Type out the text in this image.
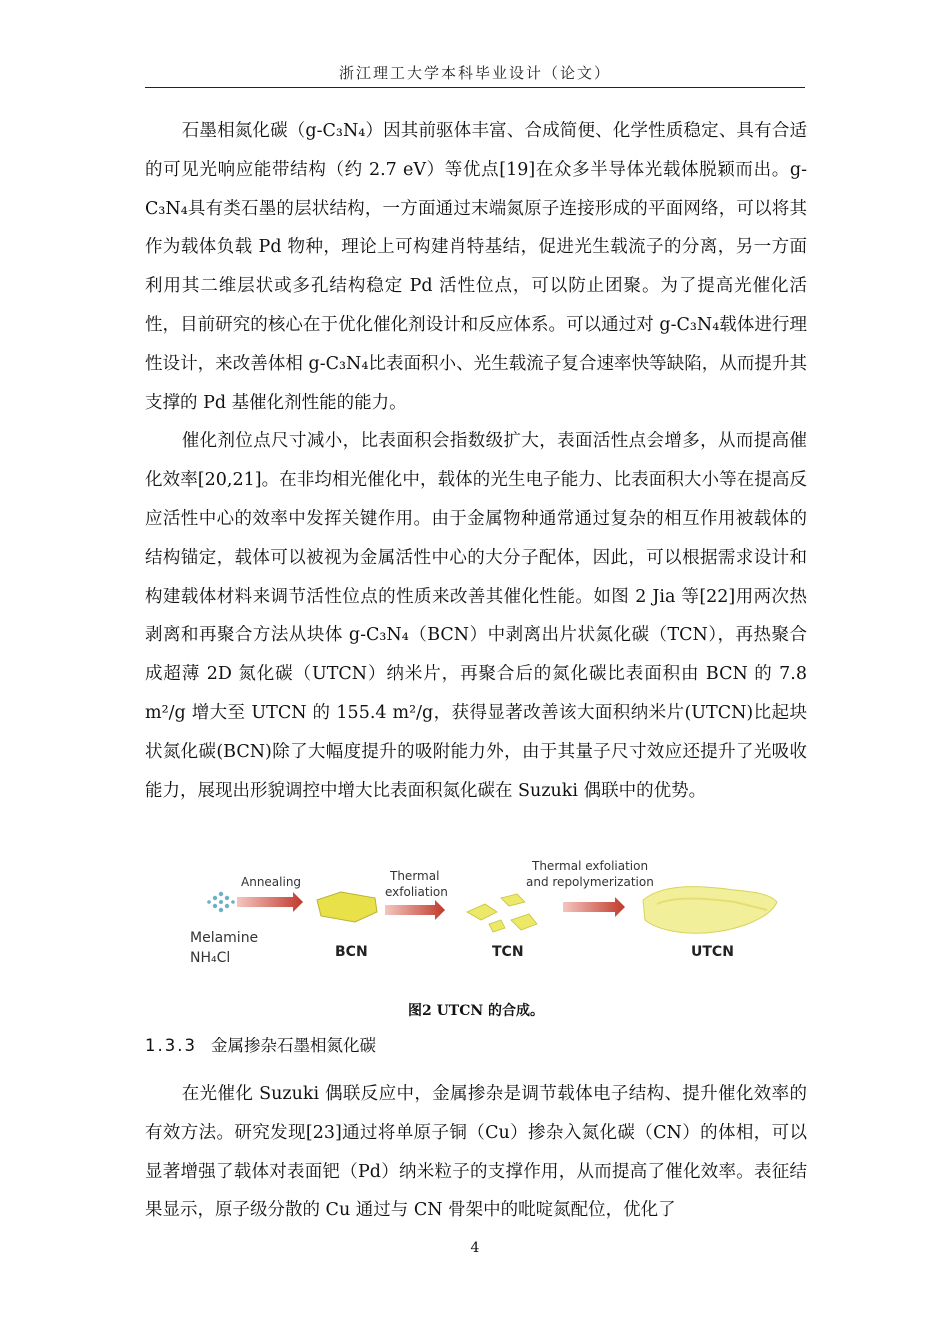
浙江理工大学本科毕业设计（论文）

石墨相氮化碳（g-C₃N₄）因其前驱体丰富、合成简便、化学性质稳定、具有合适的可见光响应能带结构（约 2.7 eV）等优点[19]在众多半导体光载体脱颖而出。g-C₃N₄具有类石墨的层状结构，一方面通过末端氮原子连接形成的平面网络，可以将其作为载体负载 Pd 物种，理论上可构建肖特基结，促进光生载流子的分离，另一方面利用其二维层状或多孔结构稳定 Pd 活性位点，可以防止团聚。为了提高光催化活性，目前研究的核心在于优化催化剂设计和反应体系。可以通过对 g-C₃N₄载体进行理性设计，来改善体相 g-C₃N₄比表面积小、光生载流子复合速率快等缺陷，从而提升其支撑的 Pd 基催化剂性能的能力。

催化剂位点尺寸减小，比表面积会指数级扩大，表面活性点会增多，从而提高催化效率[20,21]。在非均相光催化中，载体的光生电子能力、比表面积大小等在提高反应活性中心的效率中发挥关键作用。由于金属物种通常通过复杂的相互作用被载体的结构锚定，载体可以被视为金属活性中心的大分子配体，因此，可以根据需求设计和构建载体材料来调节活性位点的性质来改善其催化性能。如图 2 Jia 等[22]用两次热剥离和再聚合方法从块体 g-C₃N₄（BCN）中剥离出片状氮化碳（TCN），再热聚合成超薄 2D 氮化碳（UTCN）纳米片，再聚合后的氮化碳比表面积由 BCN 的 7.8 m²/g 增大至 UTCN 的 155.4 m²/g，获得显著改善该大面积纳米片(UTCN)比起块状氮化碳(BCN)除了大幅度提升的吸附能力外，由于其量子尺寸效应还提升了光吸收能力，展现出形貌调控中增大比表面积氮化碳在 Suzuki 偶联中的优势。

Melamine
NH₄Cl
Annealing
BCN
Thermal
exfoliation
TCN
Thermal exfoliation
and repolymerization
UTCN
图2 UTCN 的合成。
1.3.3 金属掺杂石墨相氮化碳

在光催化 Suzuki 偶联反应中，金属掺杂是调节载体电子结构、提升催化效率的有效方法。研究发现[23]通过将单原子铜（Cu）掺杂入氮化碳（CN）的体相，可以显著增强了载体对表面钯（Pd）纳米粒子的支撑作用，从而提高了催化效率。表征结果显示，原子级分散的 Cu 通过与 CN 骨架中的吡啶氮配位，优化了

4
